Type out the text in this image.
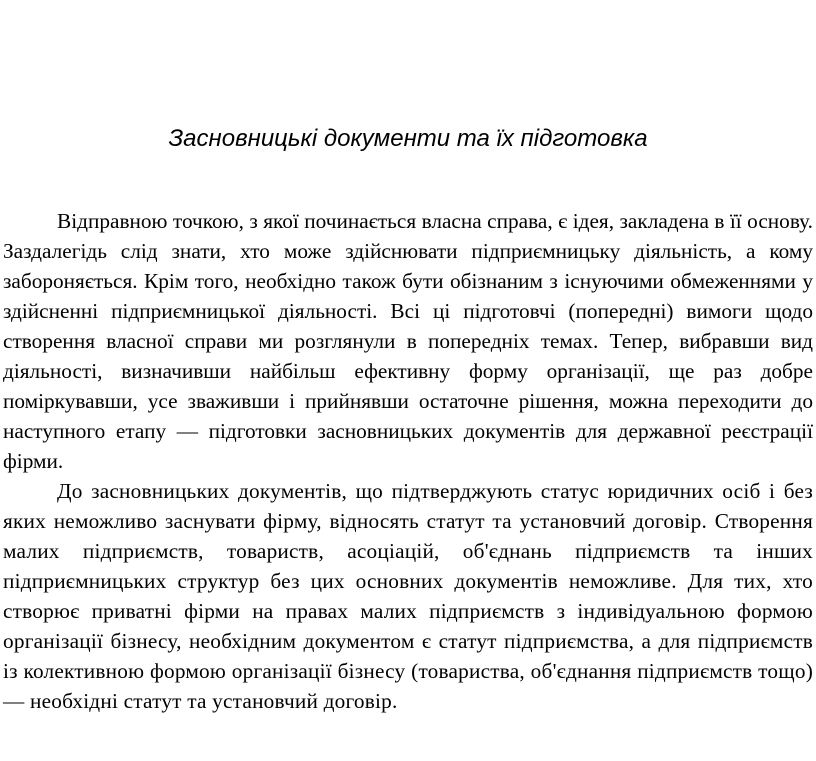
Засновницькі документи та їх підготовка

Відправною точкою, з якої починається власна справа, є ідея, закладена в її основу. Заздалегідь слід знати, хто може здійснювати підприємницьку діяльність, а кому забороняється. Крім того, необхідно також бути обізнаним з існуючими обмеженнями у здійсненні підприємницької діяльності. Всі ці підготовчі (попередні) вимоги щодо створення власної справи ми розглянули в попередніх темах. Тепер, вибравши вид діяльності, визначивши найбільш ефективну форму організації, ще раз добре поміркувавши, усе зваживши і прийнявши остаточне рішення, можна переходити до наступного етапу — підготовки засновницьких документів для державної реєстрації фірми.

До засновницьких документів, що підтверджують статус юридичних осіб і без яких неможливо заснувати фірму, відносять статут та установчий договір. Створення малих підприємств, товариств, асоціацій, об'єднань підприємств та інших підприємницьких структур без цих основних документів неможливе. Для тих, хто створює приватні фірми на правах малих підприємств з індивідуальною формою організації бізнесу, необхідним документом є статут підприємства, а для підприємств із колективною формою організації бізнесу (товариства, об'єднання підприємств тощо) — необхідні статут та установчий договір.
